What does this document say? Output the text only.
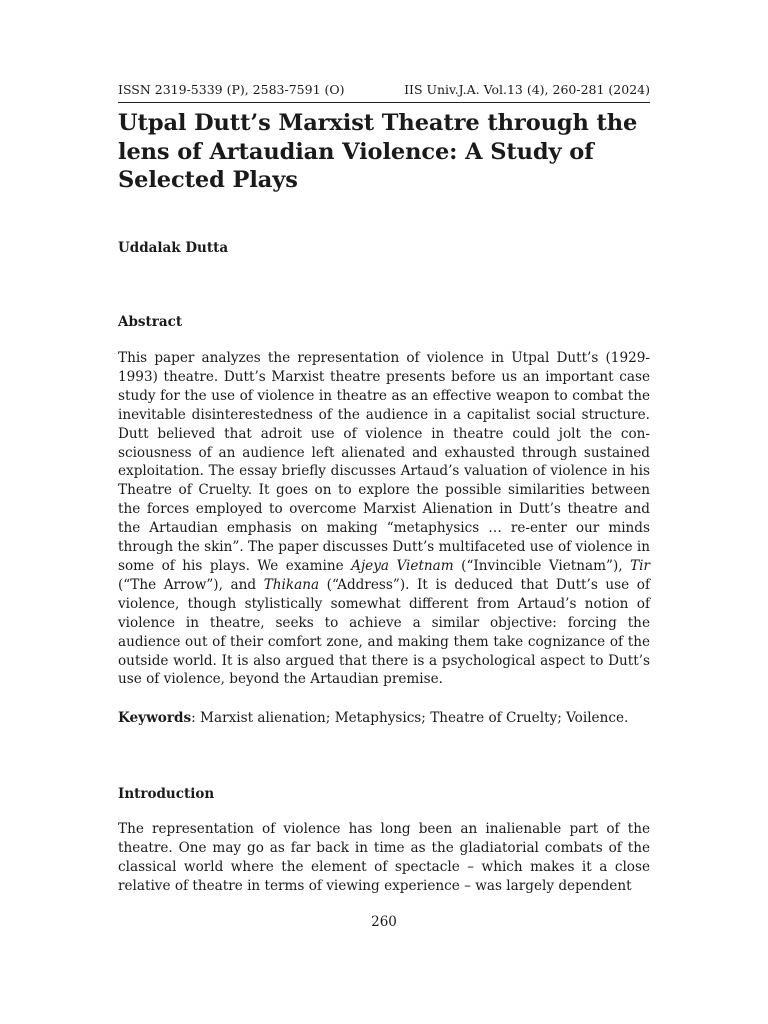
ISSN 2319-5339 (P), 2583-7591 (O)	IIS Univ.J.A. Vol.13 (4), 260-281 (2024)
Utpal Dutt’s Marxist Theatre through the lens of Artaudian Violence: A Study of Selected Plays

Uddalak Dutta

Abstract

This paper analyzes the representation of violence in Utpal Dutt’s (1929-1993) theatre. Dutt’s Marxist theatre presents before us an important case study for the use of violence in theatre as an effective weapon to combat the inevitable disinterestedness of the audience in a capitalist social structure. Dutt believed that adroit use of violence in theatre could jolt the consciousness of an audience left alienated and exhausted through sustained exploitation. The essay briefly discusses Artaud’s valuation of violence in his Theatre of Cruelty. It goes on to explore the possible similarities between the forces employed to overcome Marxist Alienation in Dutt’s theatre and the Artaudian emphasis on making “metaphysics … re-enter our minds through the skin”. The paper discusses Dutt’s multifaceted use of violence in some of his plays. We examine Ajeya Vietnam (“Invincible Vietnam”), Tir (“The Arrow”), and Thikana (“Address”). It is deduced that Dutt’s use of violence, though stylistically somewhat different from Artaud’s notion of violence in theatre, seeks to achieve a similar objective: forcing the audience out of their comfort zone, and making them take cognizance of the outside world. It is also argued that there is a psychological aspect to Dutt’s use of violence, beyond the Artaudian premise.

Keywords: Marxist alienation; Metaphysics; Theatre of Cruelty; Voilence.

Introduction

The representation of violence has long been an inalienable part of the theatre. One may go as far back in time as the gladiatorial combats of the classical world where the element of spectacle – which makes it a close relative of theatre in terms of viewing experience – was largely dependent

260
